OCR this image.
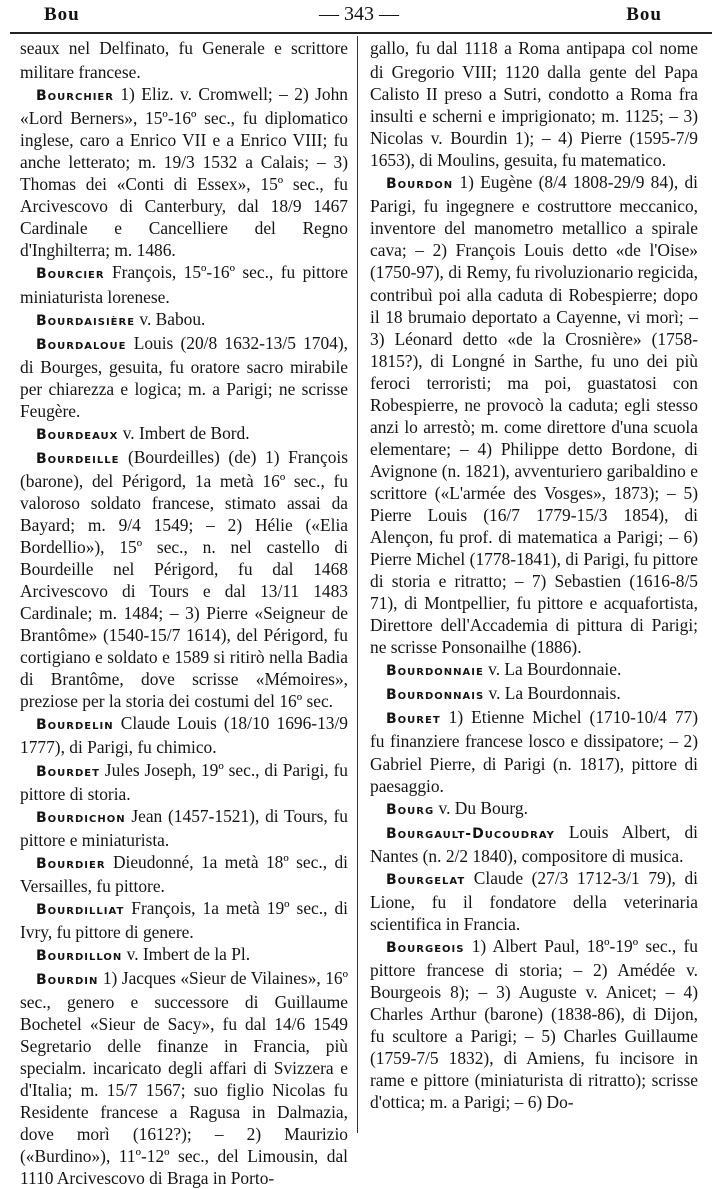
Bou	— 343 —	Bou

seaux nel Delfinato, fu Generale e scrittore militare francese.

Bourchier 1) Eliz. v. Cromwell; – 2) John «Lord Berners», 15º-16º sec., fu diplomatico inglese, caro a Enrico VII e a Enrico VIII; fu anche letterato; m. 19/3 1532 a Calais; – 3) Thomas dei «Conti di Essex», 15º sec., fu Arcivescovo di Canterbury, dal 18/9 1467 Cardinale e Cancelliere del Regno d'Inghilterra; m. 1486.

Bourcier François, 15º-16º sec., fu pittore miniaturista lorenese.

Bourdaisière v. Babou.

Bourdaloue Louis (20/8 1632-13/5 1704), di Bourges, gesuita, fu oratore sacro mirabile per chiarezza e logica; m. a Parigi; ne scrisse Feugère.

Bourdeaux v. Imbert de Bord.

Bourdeille (Bourdeilles) (de) 1) François (barone), del Périgord, 1a metà 16º sec., fu valoroso soldato francese, stimato assai da Bayard; m. 9/4 1549; – 2) Hélie («Elia Bordellio»), 15º sec., n. nel castello di Bourdeille nel Périgord, fu dal 1468 Arcivescovo di Tours e dal 13/11 1483 Cardinale; m. 1484; – 3) Pierre «Seigneur de Brantôme» (1540-15/7 1614), del Périgord, fu cortigiano e soldato e 1589 si ritirò nella Badia di Brantôme, dove scrisse «Mémoires», preziose per la storia dei costumi del 16º sec.

Bourdelin Claude Louis (18/10 1696-13/9 1777), di Parigi, fu chimico.

Bourdet Jules Joseph, 19º sec., di Parigi, fu pittore di storia.

Bourdichon Jean (1457-1521), di Tours, fu pittore e miniaturista.

Bourdier Dieudonné, 1a metà 18º sec., di Versailles, fu pittore.

Bourdilliat François, 1a metà 19º sec., di Ivry, fu pittore di genere.

Bourdillon v. Imbert de la Pl.

Bourdin 1) Jacques «Sieur de Vilaines», 16º sec., genero e successore di Guillaume Bochetel «Sieur de Sacy», fu dal 14/6 1549 Segretario delle finanze in Francia, più specialm. incaricato degli affari di Svizzera e d'Italia; m. 15/7 1567; suo figlio Nicolas fu Residente francese a Ragusa in Dalmazia, dove morì (1612?); – 2) Maurizio («Burdino»), 11º-12º sec., del Limousin, dal 1110 Arcivescovo di Braga in Porto-

gallo, fu dal 1118 a Roma antipapa col nome di Gregorio VIII; 1120 dalla gente del Papa Calisto II preso a Sutri, condotto a Roma fra insulti e scherni e imprigionato; m. 1125; – 3) Nicolas v. Bourdin 1); – 4) Pierre (1595-7/9 1653), di Moulins, gesuita, fu matematico.

Bourdon 1) Eugène (8/4 1808-29/9 84), di Parigi, fu ingegnere e costruttore meccanico, inventore del manometro metallico a spirale cava; – 2) François Louis detto «de l'Oise» (1750-97), di Remy, fu rivoluzionario regicida, contribuì poi alla caduta di Robespierre; dopo il 18 brumaio deportato a Cayenne, vi morì; – 3) Léonard detto «de la Crosnière» (1758-1815?), di Longné in Sarthe, fu uno dei più feroci terroristi; ma poi, guastatosi con Robespierre, ne provocò la caduta; egli stesso anzi lo arrestò; m. come direttore d'una scuola elementare; – 4) Philippe detto Bordone, di Avignone (n. 1821), avventuriero garibaldino e scrittore («L'armée des Vosges», 1873); – 5) Pierre Louis (16/7 1779-15/3 1854), di Alençon, fu prof. di matematica a Parigi; – 6) Pierre Michel (1778-1841), di Parigi, fu pittore di storia e ritratto; – 7) Sebastien (1616-8/5 71), di Montpellier, fu pittore e acquafortista, Direttore dell'Accademia di pittura di Parigi; ne scrisse Ponsonailhe (1886).

Bourdonnaie v. La Bourdonnaie.

Bourdonnais v. La Bourdonnais.

Bouret 1) Etienne Michel (1710-10/4 77) fu finanziere francese losco e dissipatore; – 2) Gabriel Pierre, di Parigi (n. 1817), pittore di paesaggio.

Bourg v. Du Bourg.

Bourgault-Ducoudray Louis Albert, di Nantes (n. 2/2 1840), compositore di musica.

Bourgelat Claude (27/3 1712-3/1 79), di Lione, fu il fondatore della veterinaria scientifica in Francia.

Bourgeois 1) Albert Paul, 18º-19º sec., fu pittore francese di storia; – 2) Amédée v. Bourgeois 8); – 3) Auguste v. Anicet; – 4) Charles Arthur (barone) (1838-86), di Dijon, fu scultore a Parigi; – 5) Charles Guillaume (1759-7/5 1832), di Amiens, fu incisore in rame e pittore (miniaturista di ritratto); scrisse d'ottica; m. a Parigi; – 6) Do-
